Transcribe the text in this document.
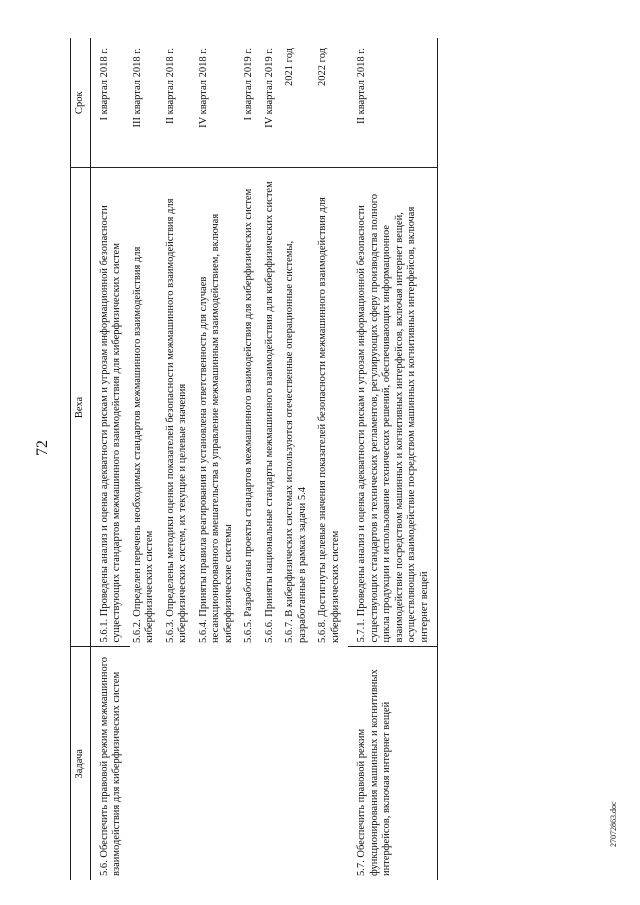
72
27072863.doc
Задача	Веха	Срок
5.6. Обеспечить правовой режим межмашинного взаимодействия для киберфизических систем	5.6.1. Проведены анализ и оценка адекватности рискам и угрозам информационной безопасности существующих стандартов межмашинного взаимодействия для киберфизических систем	I квартал 2018 г.
	5.6.2. Определен перечень необходимых стандартов межмашинного взаимодействия для киберфизических систем	III квартал 2018 г.
	5.6.3. Определены методики оценки показателей безопасности межмашинного взаимодействия для киберфизических систем, их текущие и целевые значения	II квартал 2018 г.
	5.6.4. Приняты правила реагирования и установлена ответственность для случаев несанкционированного вмешательства в управление межмашинным взаимодействием, включая киберфизические системы	IV квартал 2018 г.
	5.6.5. Разработаны проекты стандартов межмашинного взаимодействия для киберфизических систем	I квартал 2019 г.
	5.6.6. Приняты национальные стандарты межмашинного взаимодействия для киберфизических систем	IV квартал 2019 г.
	5.6.7. В киберфизических системах используются отечественные операционные системы, разработанные в рамках задачи 5.4	2021 год
	5.6.8. Достигнуты целевые значения показателей безопасности межмашинного взаимодействия для киберфизических систем	2022 год
5.7. Обеспечить правовой режим функционирования машинных и когнитивных интерфейсов, включая интернет вещей	5.7.1. Проведены анализ и оценка адекватности рискам и угрозам информационной безопасности существующих стандартов и технических регламентов, регулирующих сферу производства полного цикла продукции и использование технических решений, обеспечивающих информационное взаимодействие посредством машинных и когнитивных интерфейсов, включая интернет вещей, осуществляющих взаимодействие посредством машинных и когнитивных интерфейсов, включая интернет вещей	II квартал 2018 г.
